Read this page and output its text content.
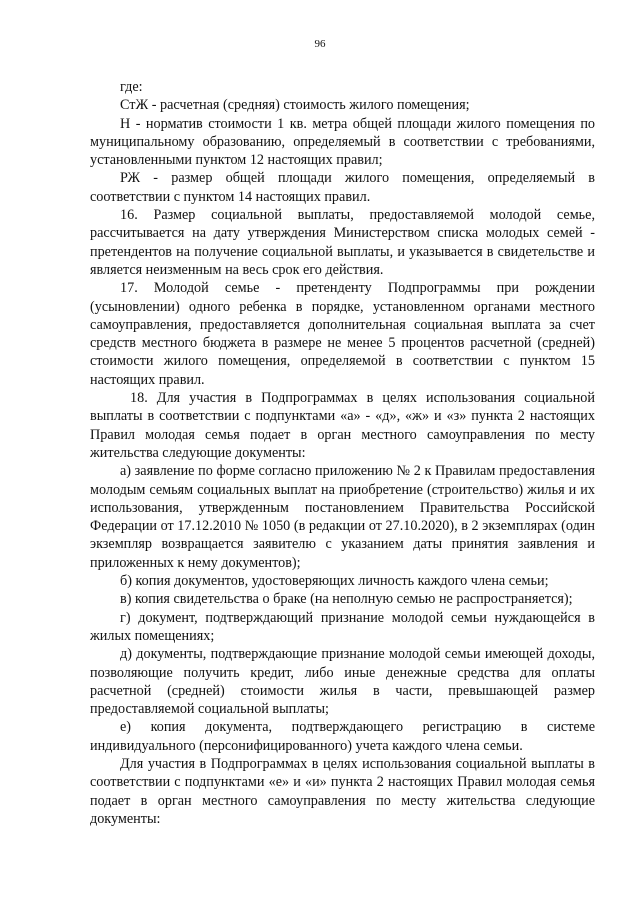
96

где:

СтЖ - расчетная (средняя) стоимость жилого помещения;

Н - норматив стоимости 1 кв. метра общей площади жилого помещения по муниципальному образованию, определяемый в соответствии с требованиями, установленными пунктом 12 настоящих правил;

РЖ - размер общей площади жилого помещения, определяемый в соответствии с пунктом 14 настоящих правил.

16. Размер социальной выплаты, предоставляемой молодой семье, рассчитывается на дату утверждения Министерством списка молодых семей - претендентов на получение социальной выплаты, и указывается в свидетельстве и является неизменным на весь срок его действия.

17. Молодой семье - претенденту Подпрограммы при рождении (усыновлении) одного ребенка в порядке, установленном органами местного самоуправления, предоставляется дополнительная социальная выплата за счет средств местного бюджета в размере не менее 5 процентов расчетной (средней) стоимости жилого помещения, определяемой в соответствии с пунктом 15 настоящих правил.

18. Для участия в Подпрограммах в целях использования социальной выплаты в соответствии с подпунктами «а» - «д», «ж» и «з» пункта 2 настоящих Правил молодая семья подает в орган местного самоуправления по месту жительства следующие документы:

а) заявление по форме согласно приложению № 2 к Правилам предоставления молодым семьям социальных выплат на приобретение (строительство) жилья и их использования, утвержденным постановлением Правительства Российской Федерации от 17.12.2010 № 1050 (в редакции от 27.10.2020), в 2 экземплярах (один экземпляр возвращается заявителю с указанием даты принятия заявления и приложенных к нему документов);

б) копия документов, удостоверяющих личность каждого члена семьи;

в) копия свидетельства о браке (на неполную семью не распространяется);

г) документ, подтверждающий признание молодой семьи нуждающейся в жилых помещениях;

д) документы, подтверждающие признание молодой семьи имеющей доходы, позволяющие получить кредит, либо иные денежные средства для оплаты расчетной (средней) стоимости жилья в части, превышающей размер предоставляемой социальной выплаты;

е) копия документа, подтверждающего регистрацию в системе индивидуального (персонифицированного) учета каждого члена семьи.

Для участия в Подпрограммах в целях использования социальной выплаты в соответствии с подпунктами «е» и «и» пункта 2 настоящих Правил молодая семья подает в орган местного самоуправления по месту жительства следующие документы:
